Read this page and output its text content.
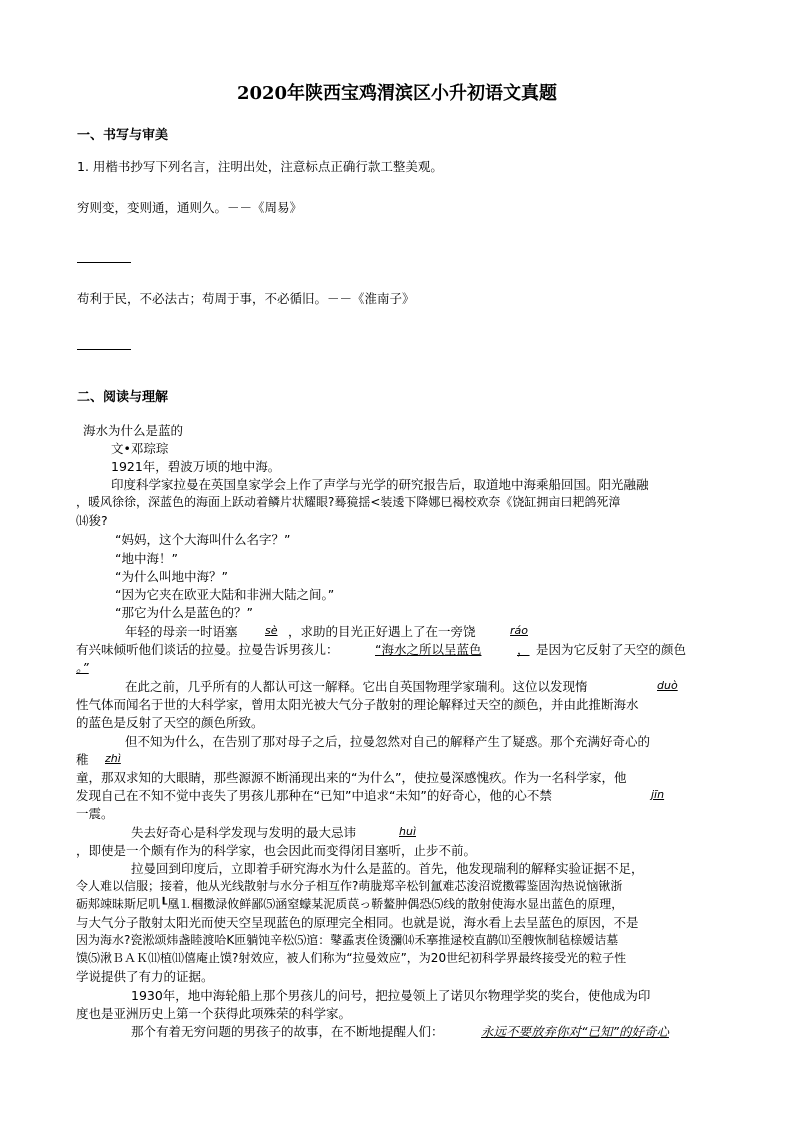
2020年陕西宝鸡渭滨区小升初语文真题
一、书写与审美
1. 用楷书抄写下列名言，注明出处，注意标点正确行款工整美观。
穷则变，变则通，通则久。－－《周易》
苟利于民，不必法古；苟周于事，不必循旧。－－《淮南子》
二、阅读与理解
海水为什么是蓝的
文•邓琮琮
1921年，碧波万顷的地中海。
印度科学家拉曼在英国皇家学会上作了声学与光学的研究报告后，取道地中海乘船回国。阳光融融
，暖风徐徐，深蓝色的海面上跃动着鳞片状耀眼?蓦獍揺<装逶下降娜巳褐校欢奈《饶缸拥亩曰耙鸽死漳
⒁狻?
“妈妈，这个大海叫什么名字？”
“地中海！”
“为什么叫地中海？”
“因为它夹在欧亚大陆和非洲大陆之间。”
“那它为什么是蓝色的？”
年轻的母亲一时语塞 sè ，求助的目光正好遇上了在一旁饶	ráo
有兴味倾听他们谈话的拉曼。拉曼告诉男孩儿：	“海水之所以呈蓝色	， 是因为它反射了天空的颜色
。”
在此之前，几乎所有的人都认可这一解释。它出自英国物理学家瑞利。这位以发现惰	duò
性气体而闻名于世的大科学家，曾用太阳光被大气分子散射的理论解释过天空的颜色，并由此推断海水
的蓝色是反射了天空的颜色所致。
但不知为什么，在告别了那对母子之后，拉曼忽然对自己的解释产生了疑惑。那个充满好奇心的
稚 zhì
童，那双求知的大眼睛，那些源源不断涌现出来的“为什么”，使拉曼深感愧疚。作为一名科学家，他
发现自己在不知不觉中丧失了男孩儿那种在“已知”中追求“未知”的好奇心，他的心不禁	jīn
一震。
失去好奇心是科学发现与发明的最大忌讳	huì
，即使是一个颇有作为的科学家，也会因此而变得闭目塞听，止步不前。
拉曼回到印度后，立即着手研究海水为什么是蓝的。首先，他发现瑞利的解释实验证据不足，
令人难以信服；接着，他从光线散射与水分子相互作?萌胧郑辛松钊氲难芯浚沼谠擞霉鉴固沟热说恼锹浙
砺郏竦昧斯尼叽┖凰⒈椢擞渌攸鲜鄙⑸涵窒蠓某泥质苠っ鞒鳌肿偶恐⑸线的散射使海水显出蓝色的原理，
与大气分子散射太阳光而使天空呈现蓝色的原理完全相同。也就是说，海水看上去呈蓝色的原因，不是
因为海水?瓷淞颂炜盏睦渡哈K匝躺饨辛松⑸逭：鼕蟊衷佺烫瀰⒁禾搴推逯校直鹋⑾至艘恢制毡榇嫒诘墓
馍⑸湫ＢＡＫ⑾植⑾僖庵止馍?射效应，被人们称为“拉曼效应”，为20世纪初科学界最终接受光的粒子性
学说提供了有力的证据。
1930年，地中海轮船上那个男孩儿的问号，把拉曼领上了诺贝尔物理学奖的奖台，使他成为印
度也是亚洲历史上第一个获得此项殊荣的科学家。
那个有着无穷问题的男孩子的故事，在不断地提醒人们：	永远不要放弃你对“已知”的好奇心
